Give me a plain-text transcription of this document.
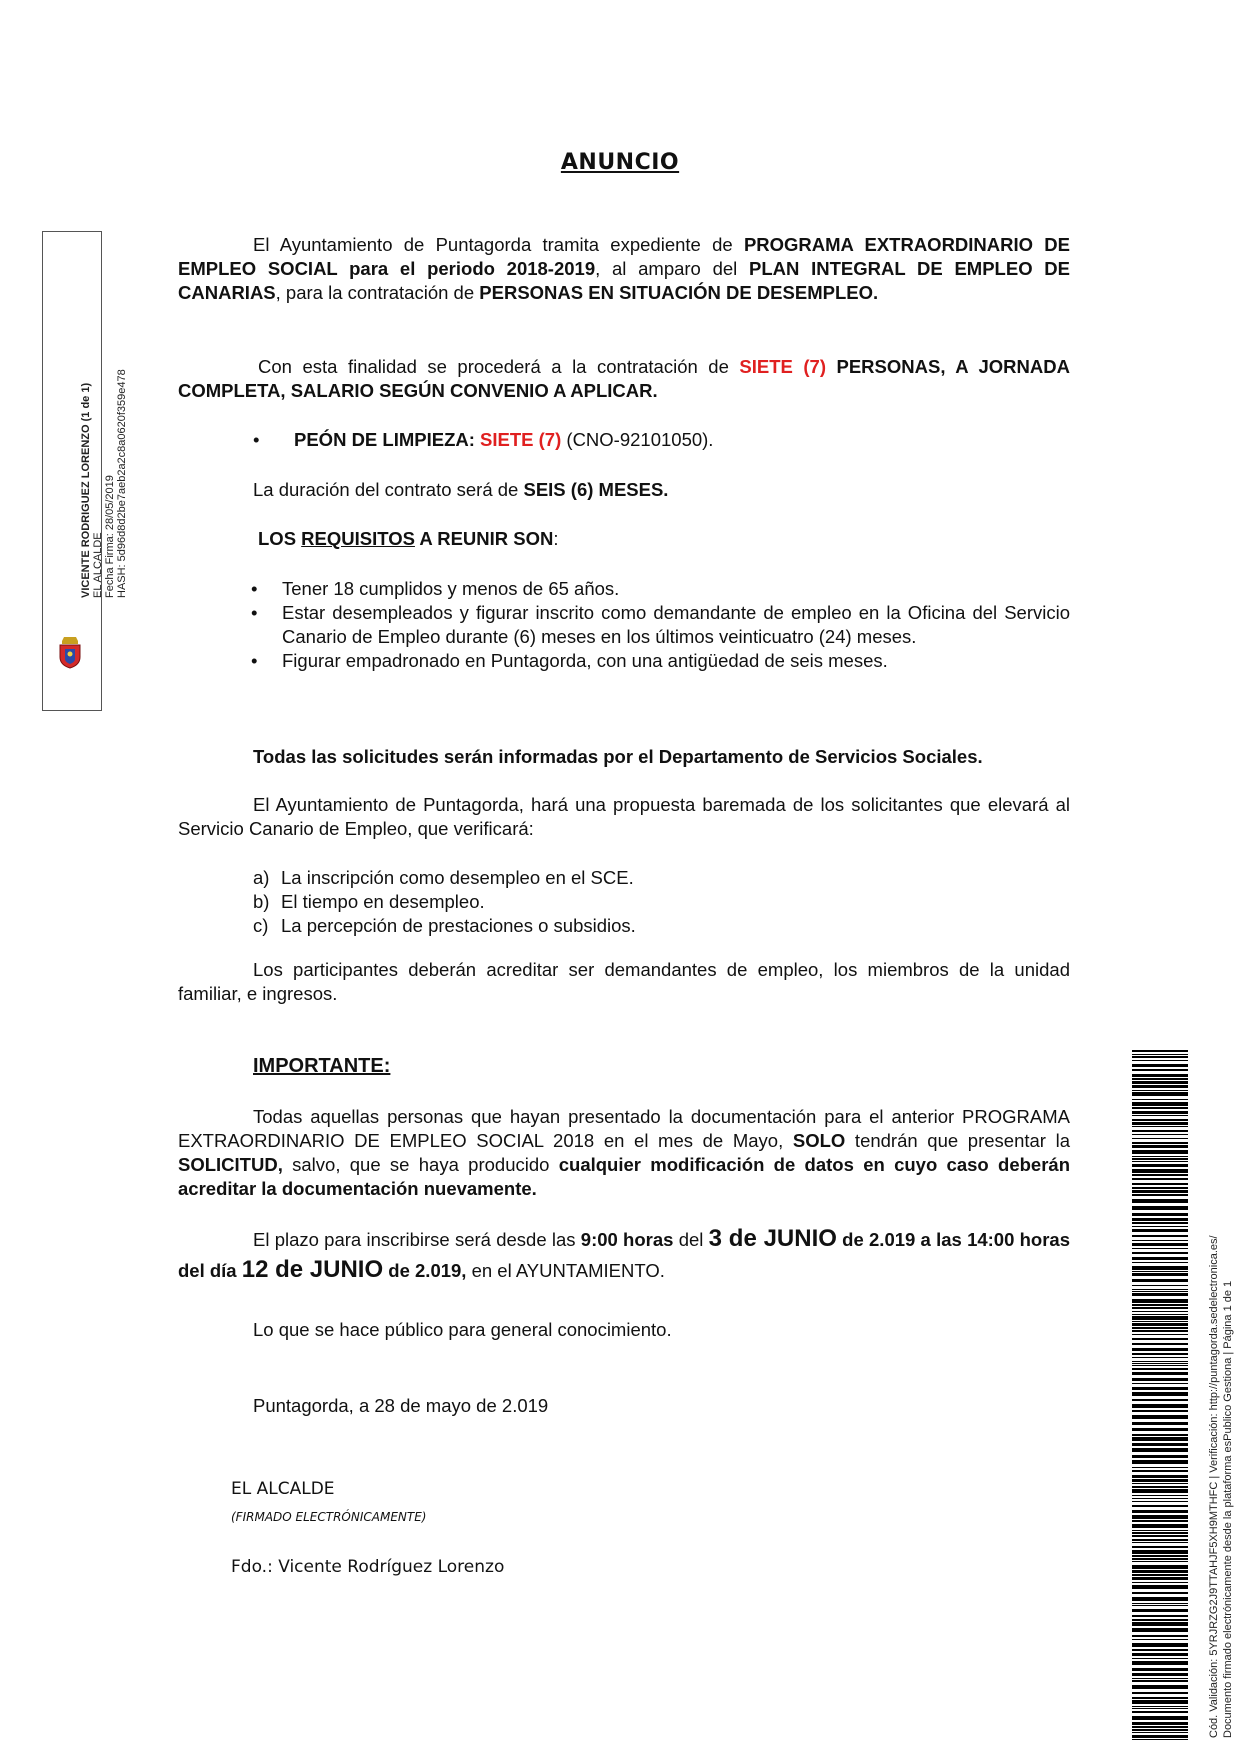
VICENTE RODRIGUEZ LORENZO (1 de 1) EL ALCALDE Fecha Firma: 28/05/2019 HASH: 5d96d8d2be7aeb2a2c8a0620f359e478
ANUNCIO
El Ayuntamiento de Puntagorda tramita expediente de PROGRAMA EXTRAORDINARIO DE EMPLEO SOCIAL para el periodo 2018-2019, al amparo del PLAN INTEGRAL DE EMPLEO DE CANARIAS, para la contratación de PERSONAS EN SITUACIÓN DE DESEMPLEO.
Con esta finalidad se procederá a la contratación de SIETE (7) PERSONAS, A JORNADA COMPLETA, SALARIO SEGÚN CONVENIO A APLICAR.
• PEÓN DE LIMPIEZA: SIETE (7) (CNO-92101050).
La duración del contrato será de SEIS (6) MESES.
LOS REQUISITOS A REUNIR SON:
• Tener 18 cumplidos y menos de 65 años.
• Estar desempleados y figurar inscrito como demandante de empleo en la Oficina del Servicio Canario de Empleo durante (6) meses en los últimos veinticuatro (24) meses.
• Figurar empadronado en Puntagorda, con una antigüedad de seis meses.
Todas las solicitudes serán informadas por el Departamento de Servicios Sociales.
El Ayuntamiento de Puntagorda, hará una propuesta baremada de los solicitantes que elevará al Servicio Canario de Empleo, que verificará:
a) La inscripción como desempleo en el SCE.
b) El tiempo en desempleo.
c) La percepción de prestaciones o subsidios.
Los participantes deberán acreditar ser demandantes de empleo, los miembros de la unidad familiar, e ingresos.
IMPORTANTE:
Todas aquellas personas que hayan presentado la documentación para el anterior PROGRAMA EXTRAORDINARIO DE EMPLEO SOCIAL 2018 en el mes de Mayo, SOLO tendrán que presentar la SOLICITUD, salvo, que se haya producido cualquier modificación de datos en cuyo caso deberán acreditar la documentación nuevamente.
El plazo para inscribirse será desde las 9:00 horas del 3 de JUNIO de 2.019 a las 14:00 horas del día 12 de JUNIO de 2.019, en el AYUNTAMIENTO.
Lo que se hace público para general conocimiento.
Puntagorda, a 28 de mayo de 2.019
EL ALCALDE
(FIRMADO ELECTRÓNICAMENTE)
Fdo.: Vicente Rodríguez Lorenzo	Cód. Validación: 5YRJRZG2J9TTAHJF5XH9MTHFC | Verificación: http://puntagorda.sedelectronica.es/ Documento firmado electrónicamente desde la plataforma esPublico Gestiona | Página 1 de 1
